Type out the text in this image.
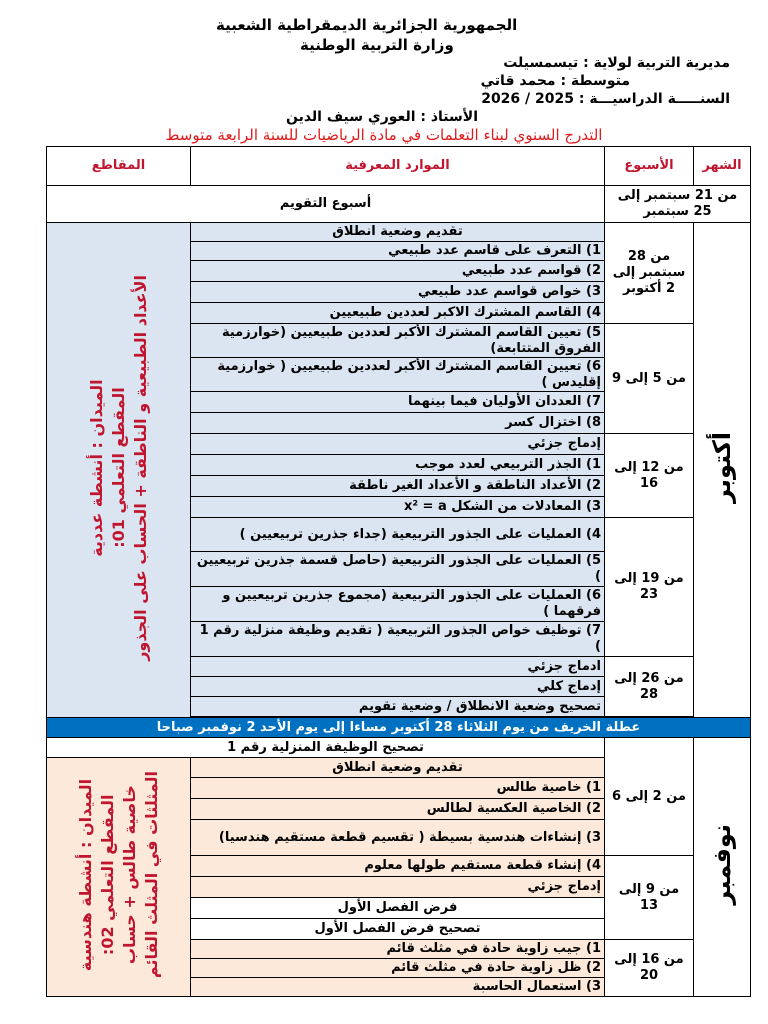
الجمهورية الجزائرية الديمقراطية الشعبية
وزارة التربية الوطنية
مديرية التربية لولاية : تيسمسيلت
متوسطة : محمد قاتي
السنـــــة الدراسيـــة : 2025 / 2026
الأستاذ : العوري سيف الدين
التدرج السنوي لبناء التعلمات في مادة الرياضيات للسنة الرابعة متوسط
الشهر	الأسبوع	الموارد المعرفية	المقاطع
من 21 سبتمبر إلى 25 سبتمبر		أسبوع التقويم	
أكتوبر	من 28 سبتمبر إلى 2 أكتوبر	تقديم وضعية انطلاق	الميدان : أنشطة عددية المقطع التعلمي 01: الأعداد الطبيعية و الناطقة + الحساب على الجذور
		1) التعرف على قاسم عدد طبيعي	
		2) قواسم عدد طبيعي	
		3) خواص قواسم عدد طبيعي	
		4) القاسم المشترك الاكبر لعددين طبيعيين	
	من 5 إلى 9	5) تعيين القاسم المشترك الأكبر لعددين طبيعيين (خوارزمية الفروق المتتابعة)	
		6) تعيين القاسم المشترك الأكبر لعددين طبيعيين ( خوارزمية إقليدس )	
		7) العددان الأوليان فيما بينهما	
		8) اختزال كسر	
	من 12 إلى 16	إدماج جزئي	
		1) الجذر التربيعي لعدد موجب	
		2) الأعداد الناطقة و الأعداد الغير ناطقة	
		3) المعادلات من الشكل x² = a	
	من 19 إلى 23	4) العمليات على الجذور التربيعية (جداء جذرين تربيعيين )	
		5) العمليات على الجذور التربيعية (حاصل قسمة جذرين تربيعيين )	
		6) العمليات على الجذور التربيعية (مجموع جذرين تربيعيين و فرقهما )	
		7) توظيف خواص الجذور التربيعية ( تقديم وظيفة منزلية رقم 1 )	
	من 26 إلى 28	ادماج جزئي	
		إدماج كلي	
		تصحيح وضعية الانطلاق / وضعية تقويم	

عطلة الخريف من يوم الثلاثاء 28 أكتوبر مساءا إلى يوم الأحد 2 نوفمبر صباحا			
نوفمبر	من 2 إلى 6	تصحيح الوظيفة المنزلية رقم 1	
		تقديم وضعية انطلاق	الميدان : أنشطة هندسية المقطع التعلمي 02: خاصية طالس + حساب المثلثات في المثلث القائم
		1) خاصية طالس	
		2) الخاصية العكسية لطالس	
		3) إنشاءات هندسية بسيطة ( تقسيم قطعة مستقيم هندسيا)	
	من 9 إلى 13	4) إنشاء قطعة مستقيم طولها معلوم	
		إدماج جزئي	
		فرض الفصل الأول	
		تصحيح فرض الفصل الأول	
	من 16 إلى 20	1) جيب زاوية حادة في مثلث قائم	
		2) ظل زاوية حادة في مثلث قائم	
		3) استعمال الحاسبة	
